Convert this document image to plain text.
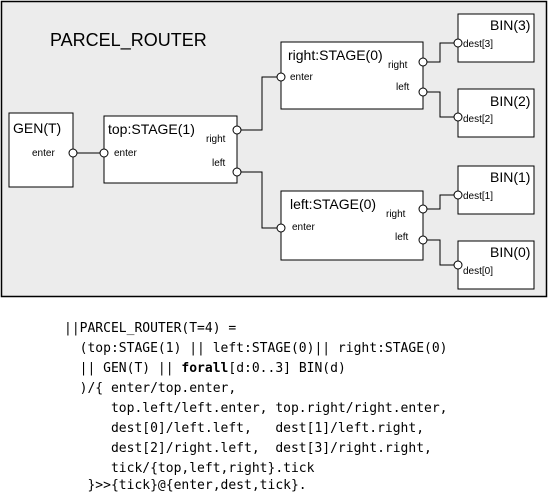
PARCEL_ROUTER
GEN(T)
enter
top:STAGE(1)
enter
right
left
right:STAGE(0)
enter
right
left
left:STAGE(0)
enter
right
left
BIN(3)
dest[3]
BIN(2)
dest[2]
BIN(1)
dest[1]
BIN(0)
dest[0]
||PARCEL_ROUTER(T=4) =
(top:STAGE(1) || left:STAGE(0)|| right:STAGE(0)
|| GEN(T) || forall[d:0..3] BIN(d)
)/{ enter/top.enter,
top.left/left.enter, top.right/right.enter,
dest[0]/left.left,   dest[1]/left.right,
dest[2]/right.left,  dest[3]/right.right,
tick/{top,left,right}.tick
}>>{tick}@{enter,dest,tick}.
